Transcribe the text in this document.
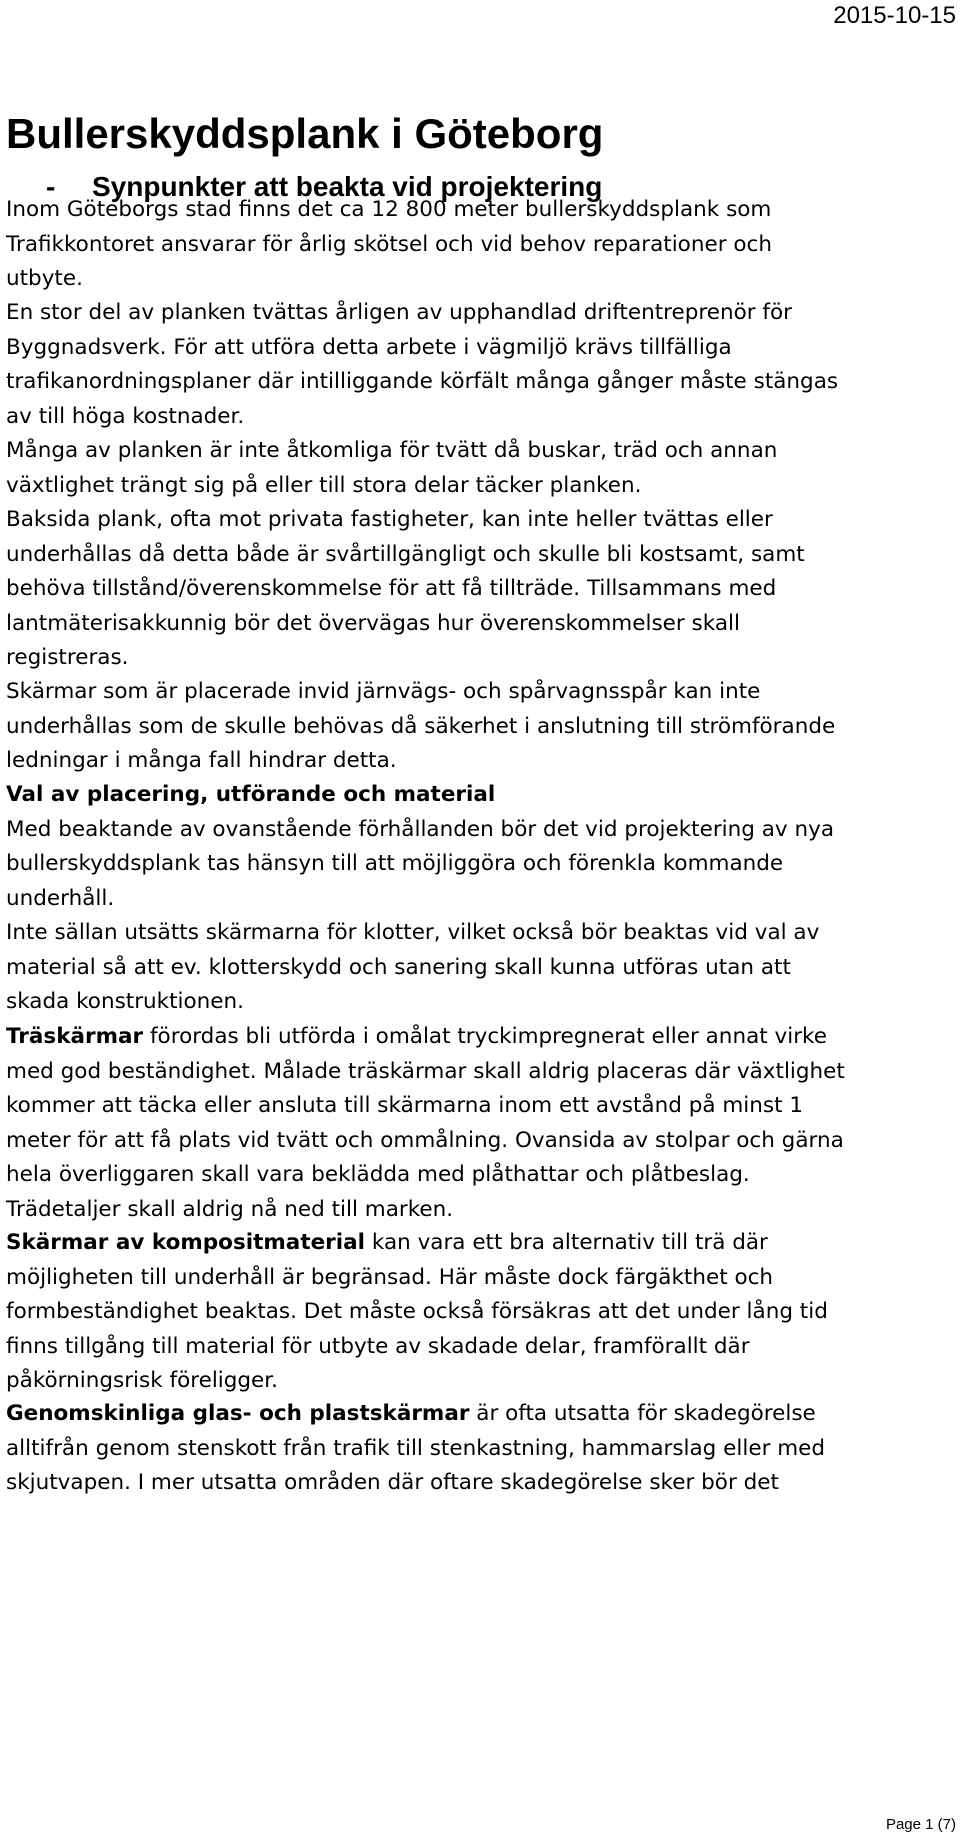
2015-10-15
Bullerskyddsplank i Göteborg
- Synpunkter att beakta vid projektering
Inom Göteborgs stad finns det ca 12 800 meter bullerskyddsplank som
Trafikkontoret ansvarar för årlig skötsel och vid behov reparationer och
utbyte.
En stor del av planken tvättas årligen av upphandlad driftentreprenör för
Byggnadsverk. För att utföra detta arbete i vägmiljö krävs tillfälliga
trafikanordningsplaner där intilliggande körfält många gånger måste stängas
av till höga kostnader.
Många av planken är inte åtkomliga för tvätt då buskar, träd och annan
växtlighet trängt sig på eller till stora delar täcker planken.
Baksida plank, ofta mot privata fastigheter, kan inte heller tvättas eller
underhållas då detta både är svårtillgängligt och skulle bli kostsamt, samt
behöva tillstånd/överenskommelse för att få tillträde. Tillsammans med
lantmäterisakkunnig bör det övervägas hur överenskommelser skall
registreras.
Skärmar som är placerade invid järnvägs- och spårvagnsspår kan inte
underhållas som de skulle behövas då säkerhet i anslutning till strömförande
ledningar i många fall hindrar detta.
Val av placering, utförande och material
Med beaktande av ovanstående förhållanden bör det vid projektering av nya
bullerskyddsplank tas hänsyn till att möjliggöra och förenkla kommande
underhåll.
Inte sällan utsätts skärmarna för klotter, vilket också bör beaktas vid val av
material så att ev. klotterskydd och sanering skall kunna utföras utan att
skada konstruktionen.
Träskärmar förordas bli utförda i omålat tryckimpregnerat eller annat virke
med god beständighet. Målade träskärmar skall aldrig placeras där växtlighet
kommer att täcka eller ansluta till skärmarna inom ett avstånd på minst 1
meter för att få plats vid tvätt och ommålning. Ovansida av stolpar och gärna
hela överliggaren skall vara beklädda med plåthattar och plåtbeslag.
Trädetaljer skall aldrig nå ned till marken.
Skärmar av kompositmaterial kan vara ett bra alternativ till trä där
möjligheten till underhåll är begränsad. Här måste dock färgäkthet och
formbeständighet beaktas. Det måste också försäkras att det under lång tid
finns tillgång till material för utbyte av skadade delar, framförallt där
påkörningsrisk föreligger.
Genomskinliga glas- och plastskärmar är ofta utsatta för skadegörelse
alltifrån genom stenskott från trafik till stenkastning, hammarslag eller med
skjutvapen. I mer utsatta områden där oftare skadegörelse sker bör det
Page 1 (7)
